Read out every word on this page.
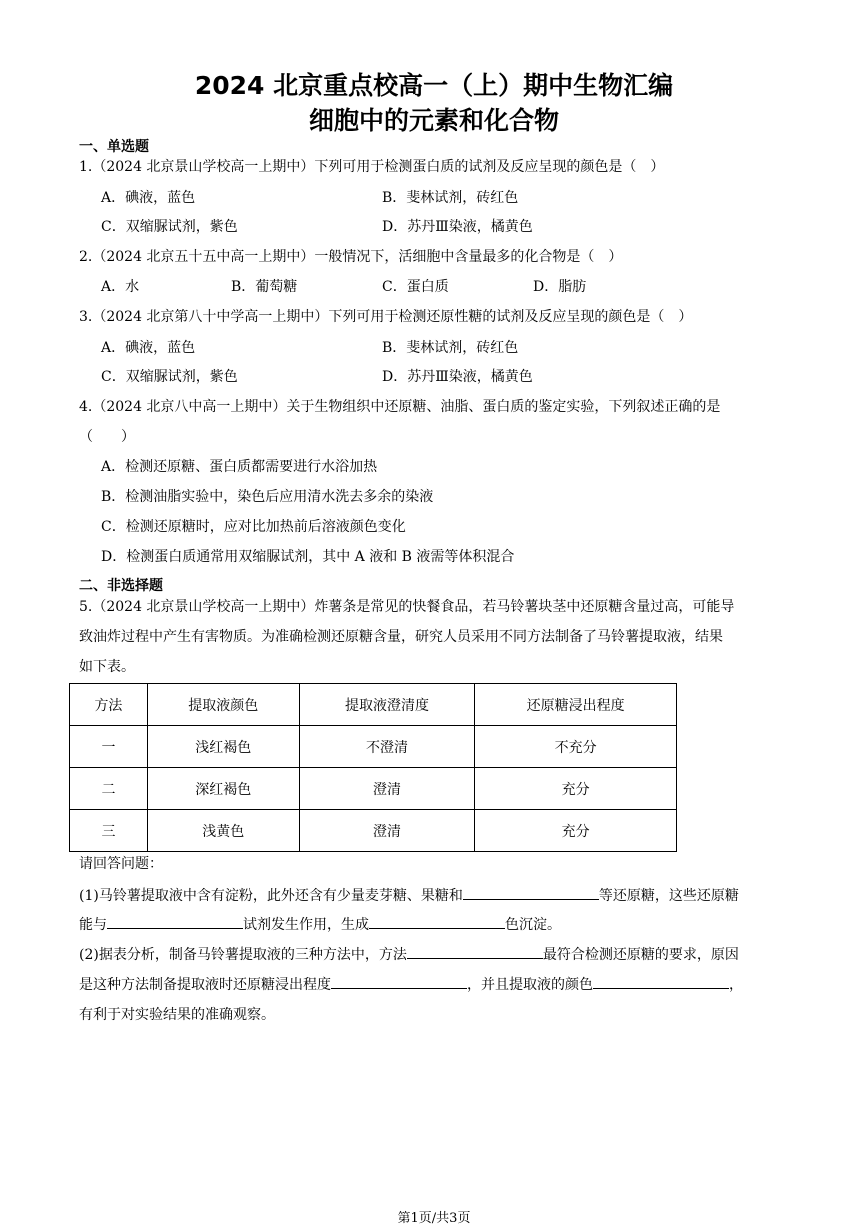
2024 北京重点校高一（上）期中生物汇编
细胞中的元素和化合物
一、单选题
1.（2024 北京景山学校高一上期中）下列可用于检测蛋白质的试剂及反应呈现的颜色是（　）
A．碘液，蓝色	B．斐林试剂，砖红色
C．双缩脲试剂，紫色	D．苏丹Ⅲ染液，橘黄色
2.（2024 北京五十五中高一上期中）一般情况下，活细胞中含量最多的化合物是（　）
A．水	B．葡萄糖	C．蛋白质	D．脂肪
3.（2024 北京第八十中学高一上期中）下列可用于检测还原性糖的试剂及反应呈现的颜色是（　）
A．碘液，蓝色	B．斐林试剂，砖红色
C．双缩脲试剂，紫色	D．苏丹Ⅲ染液，橘黄色
4.（2024 北京八中高一上期中）关于生物组织中还原糖、油脂、蛋白质的鉴定实验，下列叙述正确的是
（　　）
A．检测还原糖、蛋白质都需要进行水浴加热
B．检测油脂实验中，染色后应用清水洗去多余的染液
C．检测还原糖时，应对比加热前后溶液颜色变化
D．检测蛋白质通常用双缩脲试剂，其中 A 液和 B 液需等体积混合
二、非选择题
5.（2024 北京景山学校高一上期中）炸薯条是常见的快餐食品，若马铃薯块茎中还原糖含量过高，可能导
致油炸过程中产生有害物质。为准确检测还原糖含量，研究人员采用不同方法制备了马铃薯提取液，结果
如下表。
方法	提取液颜色	提取液澄清度	还原糖浸出程度
一	浅红褐色	不澄清	不充分
二	深红褐色	澄清	充分
三	浅黄色	澄清	充分
请回答问题：
(1)马铃薯提取液中含有淀粉，此外还含有少量麦芽糖、果糖和	等还原糖，这些还原糖
能与	试剂发生作用，生成	色沉淀。
(2)据表分析，制备马铃薯提取液的三种方法中，方法	最符合检测还原糖的要求，原因
是这种方法制备提取液时还原糖浸出程度	，并且提取液的颜色	，
有利于对实验结果的准确观察。
第1页/共3页
